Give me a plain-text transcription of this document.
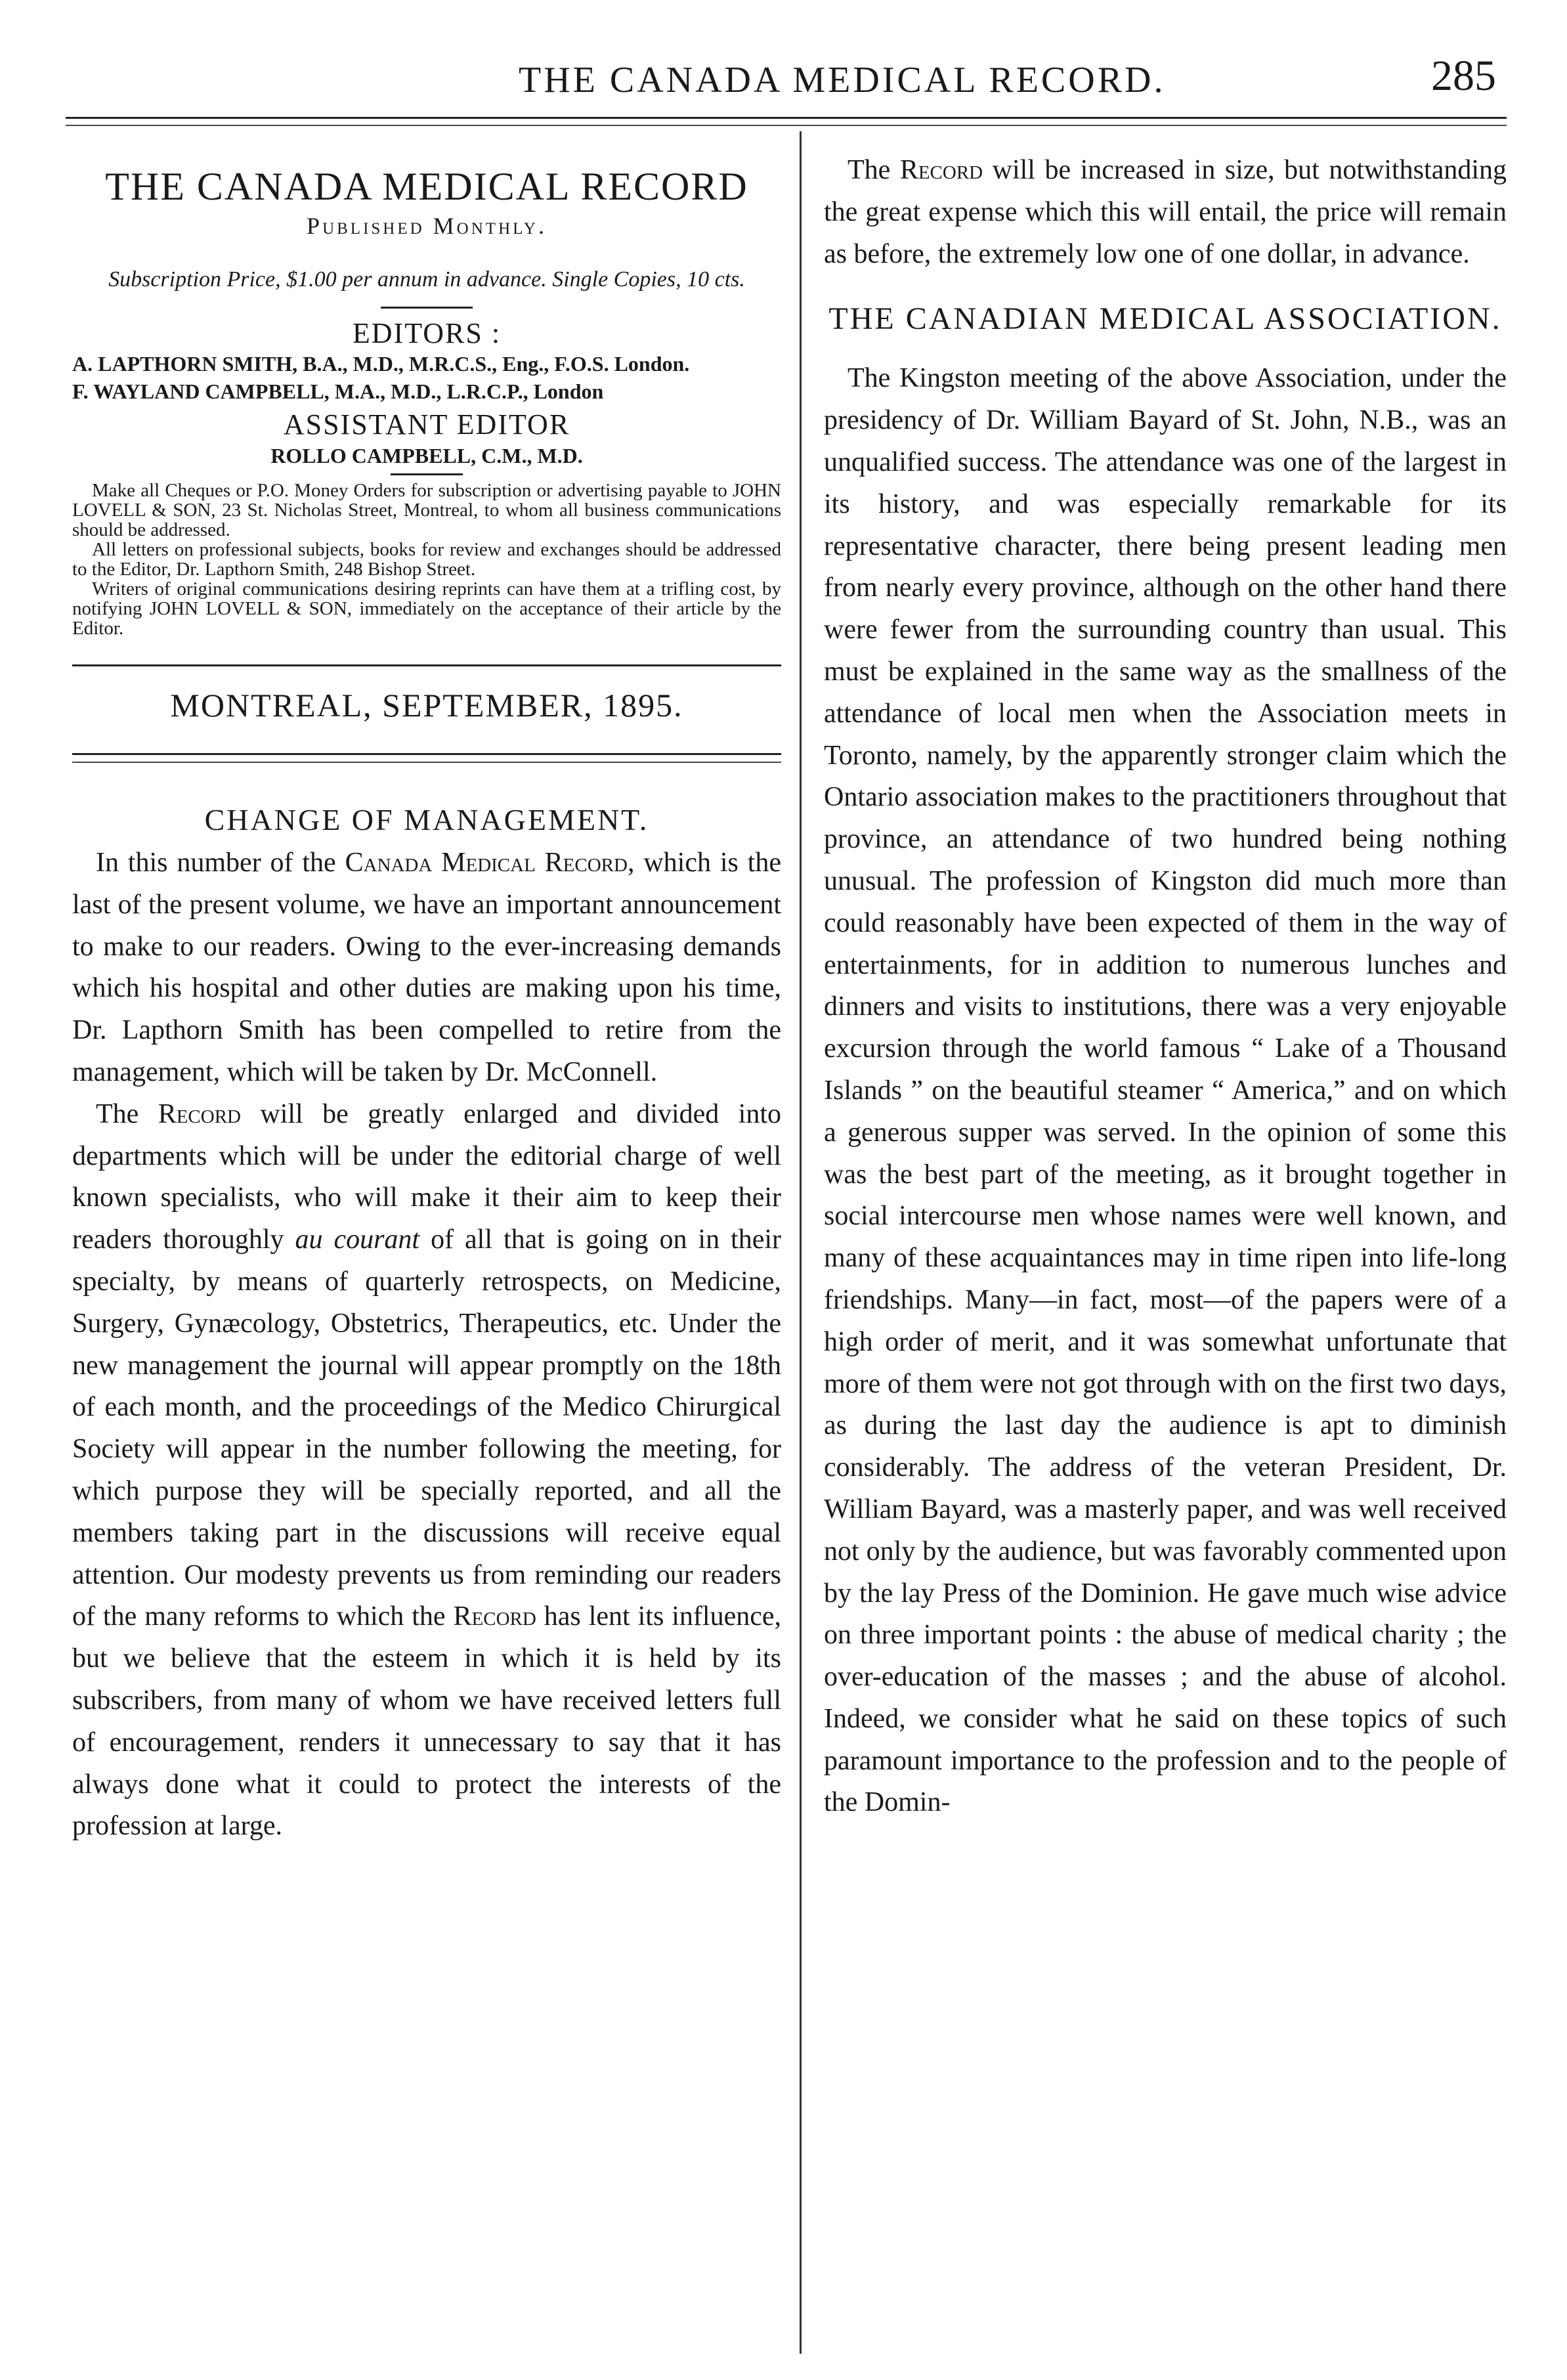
THE CANADA MEDICAL RECORD.	285
THE CANADA MEDICAL RECORD
Published Monthly.
Subscription Price, $1.00 per annum in advance. Single Copies, 10 cts.
EDITORS :
A. LAPTHORN SMITH, B.A., M.D., M.R.C.S., Eng., F.O.S. London.
F. WAYLAND CAMPBELL, M.A., M.D., L.R.C.P., London
ASSISTANT EDITOR
ROLLO CAMPBELL, C.M., M.D.

Make all Cheques or P.O. Money Orders for subscription or advertising payable to JOHN LOVELL & SON, 23 St. Nicholas Street, Montreal, to whom all business communications should be addressed.

All letters on professional subjects, books for review and exchanges should be addressed to the Editor, Dr. Lapthorn Smith, 248 Bishop Street.

Writers of original communications desiring reprints can have them at a trifling cost, by notifying JOHN LOVELL & SON, immediately on the acceptance of their article by the Editor.

MONTREAL, SEPTEMBER, 1895.
CHANGE OF MANAGEMENT.

In this number of the Canada Medical Record, which is the last of the present volume, we have an important announcement to make to our readers. Owing to the ever-increasing demands which his hospital and other duties are making upon his time, Dr. Lapthorn Smith has been compelled to retire from the management, which will be taken by Dr. McConnell.

The Record will be greatly enlarged and divided into departments which will be under the editorial charge of well known specialists, who will make it their aim to keep their readers thoroughly au courant of all that is going on in their specialty, by means of quarterly retrospects, on Medicine, Surgery, Gynæcology, Obstetrics, Therapeutics, etc. Under the new management the journal will appear promptly on the 18th of each month, and the proceedings of the Medico Chirurgical Society will appear in the number following the meeting, for which purpose they will be specially reported, and all the members taking part in the discussions will receive equal attention. Our modesty prevents us from reminding our readers of the many reforms to which the Record has lent its influence, but we believe that the esteem in which it is held by its subscribers, from many of whom we have received letters full of encouragement, renders it unnecessary to say that it has always done what it could to protect the interests of the profession at large.

The Record will be increased in size, but notwithstanding the great expense which this will entail, the price will remain as before, the extremely low one of one dollar, in advance.

THE CANADIAN MEDICAL ASSOCIATION.

The Kingston meeting of the above Association, under the presidency of Dr. William Bayard of St. John, N.B., was an unqualified success. The attendance was one of the largest in its history, and was especially remarkable for its representative character, there being present leading men from nearly every province, although on the other hand there were fewer from the surrounding country than usual. This must be explained in the same way as the smallness of the attendance of local men when the Association meets in Toronto, namely, by the apparently stronger claim which the Ontario association makes to the practitioners throughout that province, an attendance of two hundred being nothing unusual. The profession of Kingston did much more than could reasonably have been expected of them in the way of entertainments, for in addition to numerous lunches and dinners and visits to institutions, there was a very enjoyable excursion through the world famous “ Lake of a Thousand Islands ” on the beautiful steamer “ America,” and on which a generous supper was served. In the opinion of some this was the best part of the meeting, as it brought together in social intercourse men whose names were well known, and many of these acquaintances may in time ripen into life-long friendships. Many—in fact, most—of the papers were of a high order of merit, and it was somewhat unfortunate that more of them were not got through with on the first two days, as during the last day the audience is apt to diminish considerably. The address of the veteran President, Dr. William Bayard, was a masterly paper, and was well received not only by the audience, but was favorably commented upon by the lay Press of the Dominion. He gave much wise advice on three important points : the abuse of medical charity ; the over-education of the masses ; and the abuse of alcohol. Indeed, we consider what he said on these topics of such paramount importance to the profession and to the people of the Domin-
